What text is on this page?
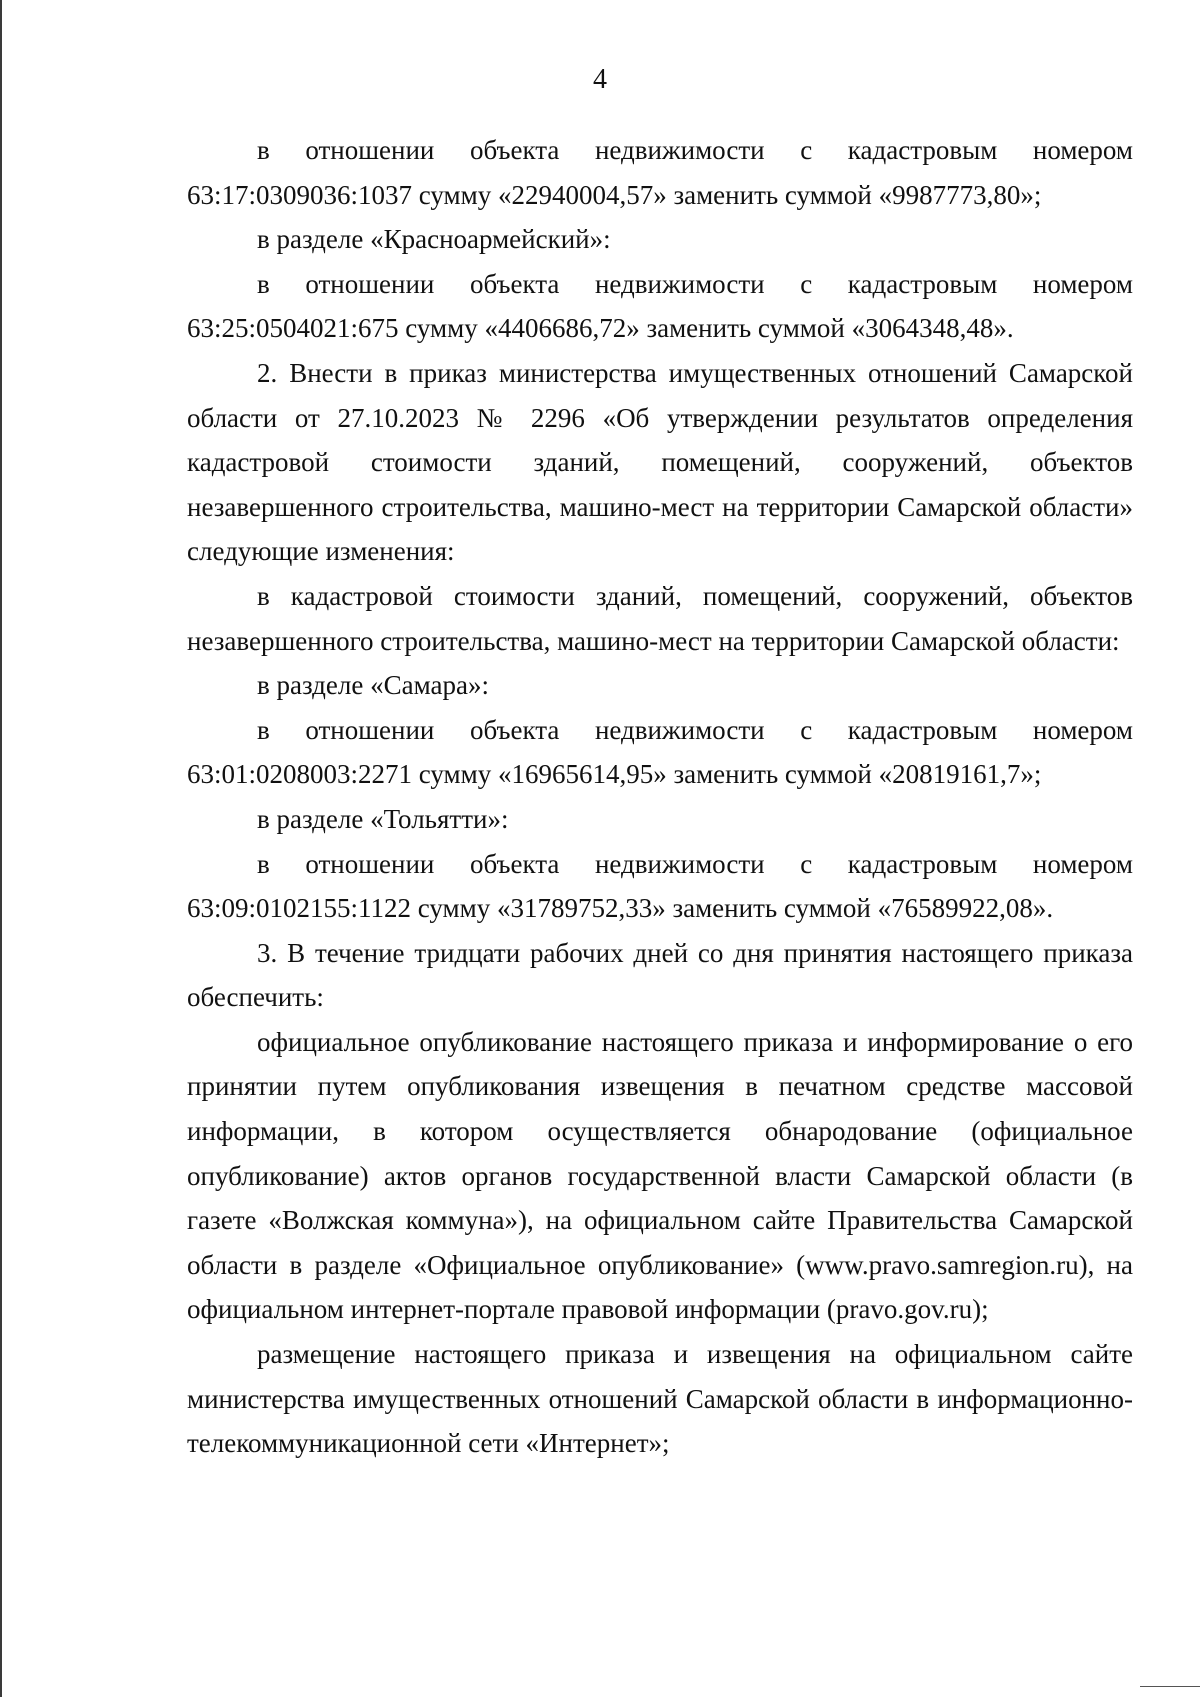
4

в отношении объекта недвижимости с кадастровым номером 63:17:0309036:1037 сумму «22940004,57» заменить суммой «9987773,80»;

в разделе «Красноармейский»:

в отношении объекта недвижимости с кадастровым номером 63:25:0504021:675 сумму «4406686,72» заменить суммой «3064348,48».

2. Внести в приказ министерства имущественных отношений Самарской области от 27.10.2023 № 2296 «Об утверждении результатов определения кадастровой стоимости зданий, помещений, сооружений, объектов незавершенного строительства, машино-мест на территории Самарской области» следующие изменения:

в кадастровой стоимости зданий, помещений, сооружений, объектов незавершенного строительства, машино-мест на территории Самарской области:

в разделе «Самара»:

в отношении объекта недвижимости с кадастровым номером 63:01:0208003:2271 сумму «16965614,95» заменить суммой «20819161,7»;

в разделе «Тольятти»:

в отношении объекта недвижимости с кадастровым номером 63:09:0102155:1122 сумму «31789752,33» заменить суммой «76589922,08».

3. В течение тридцати рабочих дней со дня принятия настоящего приказа обеспечить:

официальное опубликование настоящего приказа и информирование о его принятии путем опубликования извещения в печатном средстве массовой информации, в котором осуществляется обнародование (официальное опубликование) актов органов государственной власти Самарской области (в газете «Волжская коммуна»), на официальном сайте Правительства Самарской области в разделе «Официальное опубликование» (www.pravo.samregion.ru), на официальном интернет-портале правовой информации (pravo.gov.ru);

размещение настоящего приказа и извещения на официальном сайте министерства имущественных отношений Самарской области в информационно-телекоммуникационной сети «Интернет»;
